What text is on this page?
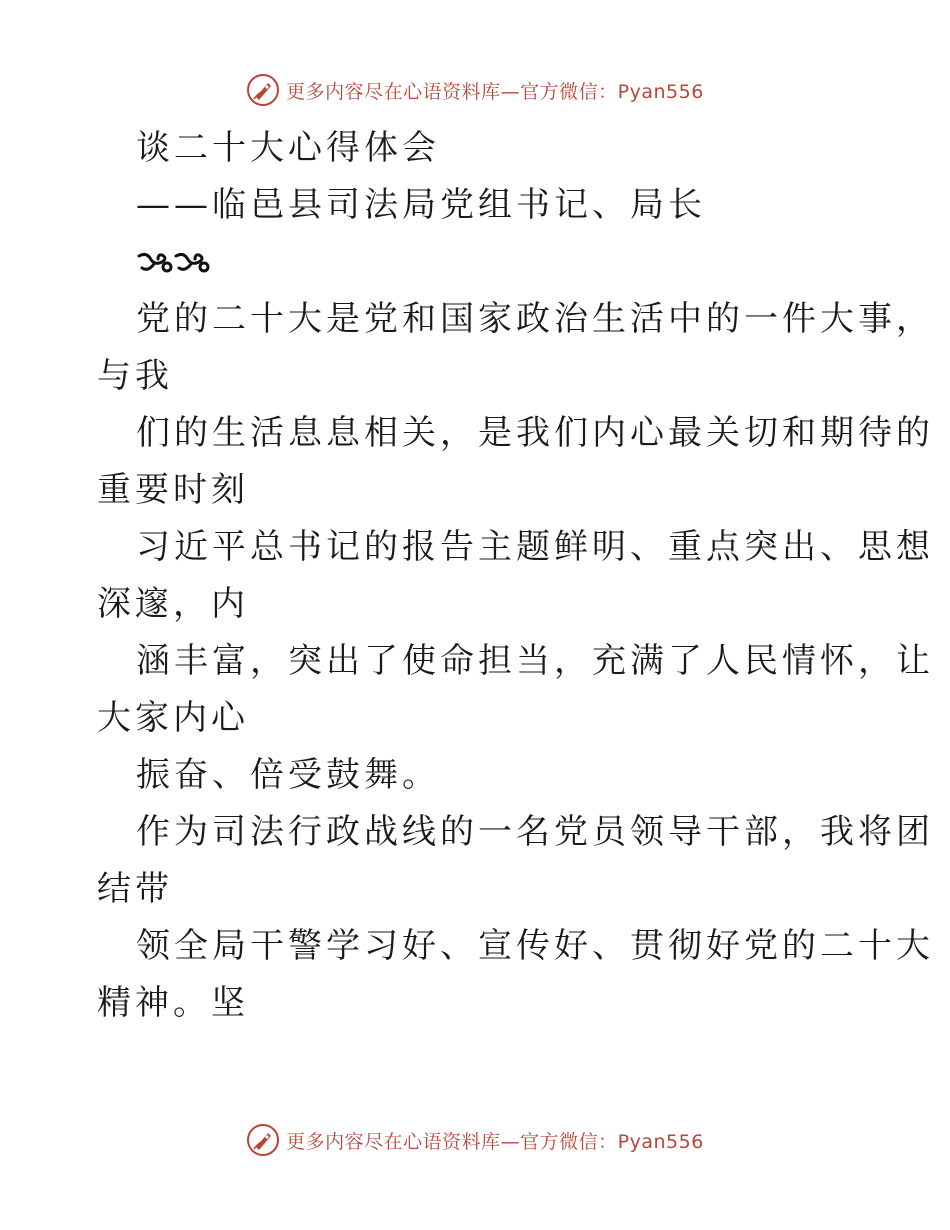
更多内容尽在心语资料库—官方微信：Pyan556
谈二十大心得体会
——临邑县司法局党组书记、局长
党的二十大是党和国家政治生活中的一件大事，
与我
们的生活息息相关，是我们内心最关切和期待的
重要时刻
习近平总书记的报告主题鲜明、重点突出、思想
深邃，内
涵丰富，突出了使命担当，充满了人民情怀，让
大家内心
振奋、倍受鼓舞。
作为司法行政战线的一名党员领导干部，我将团
结带
领全局干警学习好、宣传好、贯彻好党的二十大
精神。坚
更多内容尽在心语资料库—官方微信：Pyan556
